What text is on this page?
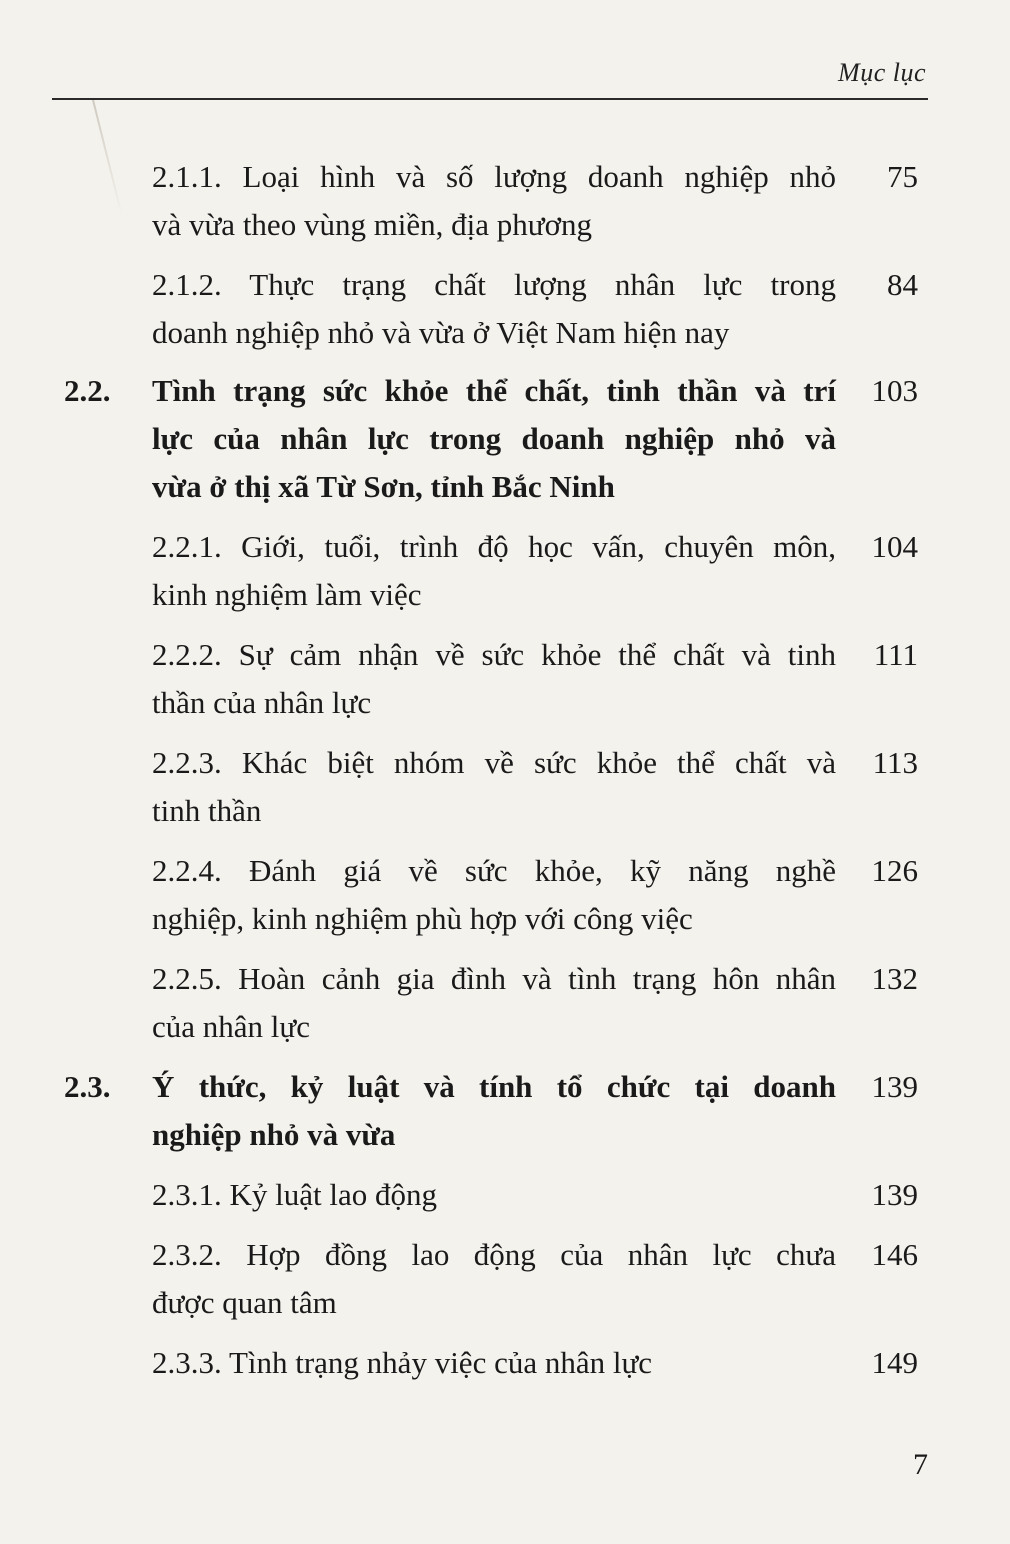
Mục lục
2.1.1. Loại hình và số lượng doanh nghiệp nhỏ
và vừa theo vùng miền, địa phương
75
2.1.2. Thực trạng chất lượng nhân lực trong
doanh nghiệp nhỏ và vừa ở Việt Nam hiện nay
84
2.2. Tình trạng sức khỏe thể chất, tinh thần và trí
lực của nhân lực trong doanh nghiệp nhỏ và
vừa ở thị xã Từ Sơn, tỉnh Bắc Ninh
103
2.2.1. Giới, tuổi, trình độ học vấn, chuyên môn,
kinh nghiệm làm việc
104
2.2.2. Sự cảm nhận về sức khỏe thể chất và tinh
thần của nhân lực
111
2.2.3. Khác biệt nhóm về sức khỏe thể chất và
tinh thần
113
2.2.4. Đánh giá về sức khỏe, kỹ năng nghề
nghiệp, kinh nghiệm phù hợp với công việc
126
2.2.5. Hoàn cảnh gia đình và tình trạng hôn nhân
của nhân lực
132
2.3. Ý thức, kỷ luật và tính tổ chức tại doanh
nghiệp nhỏ và vừa
139
2.3.1. Kỷ luật lao động	139
2.3.2. Hợp đồng lao động của nhân lực chưa
được quan tâm
146
2.3.3. Tình trạng nhảy việc của nhân lực	149
7
